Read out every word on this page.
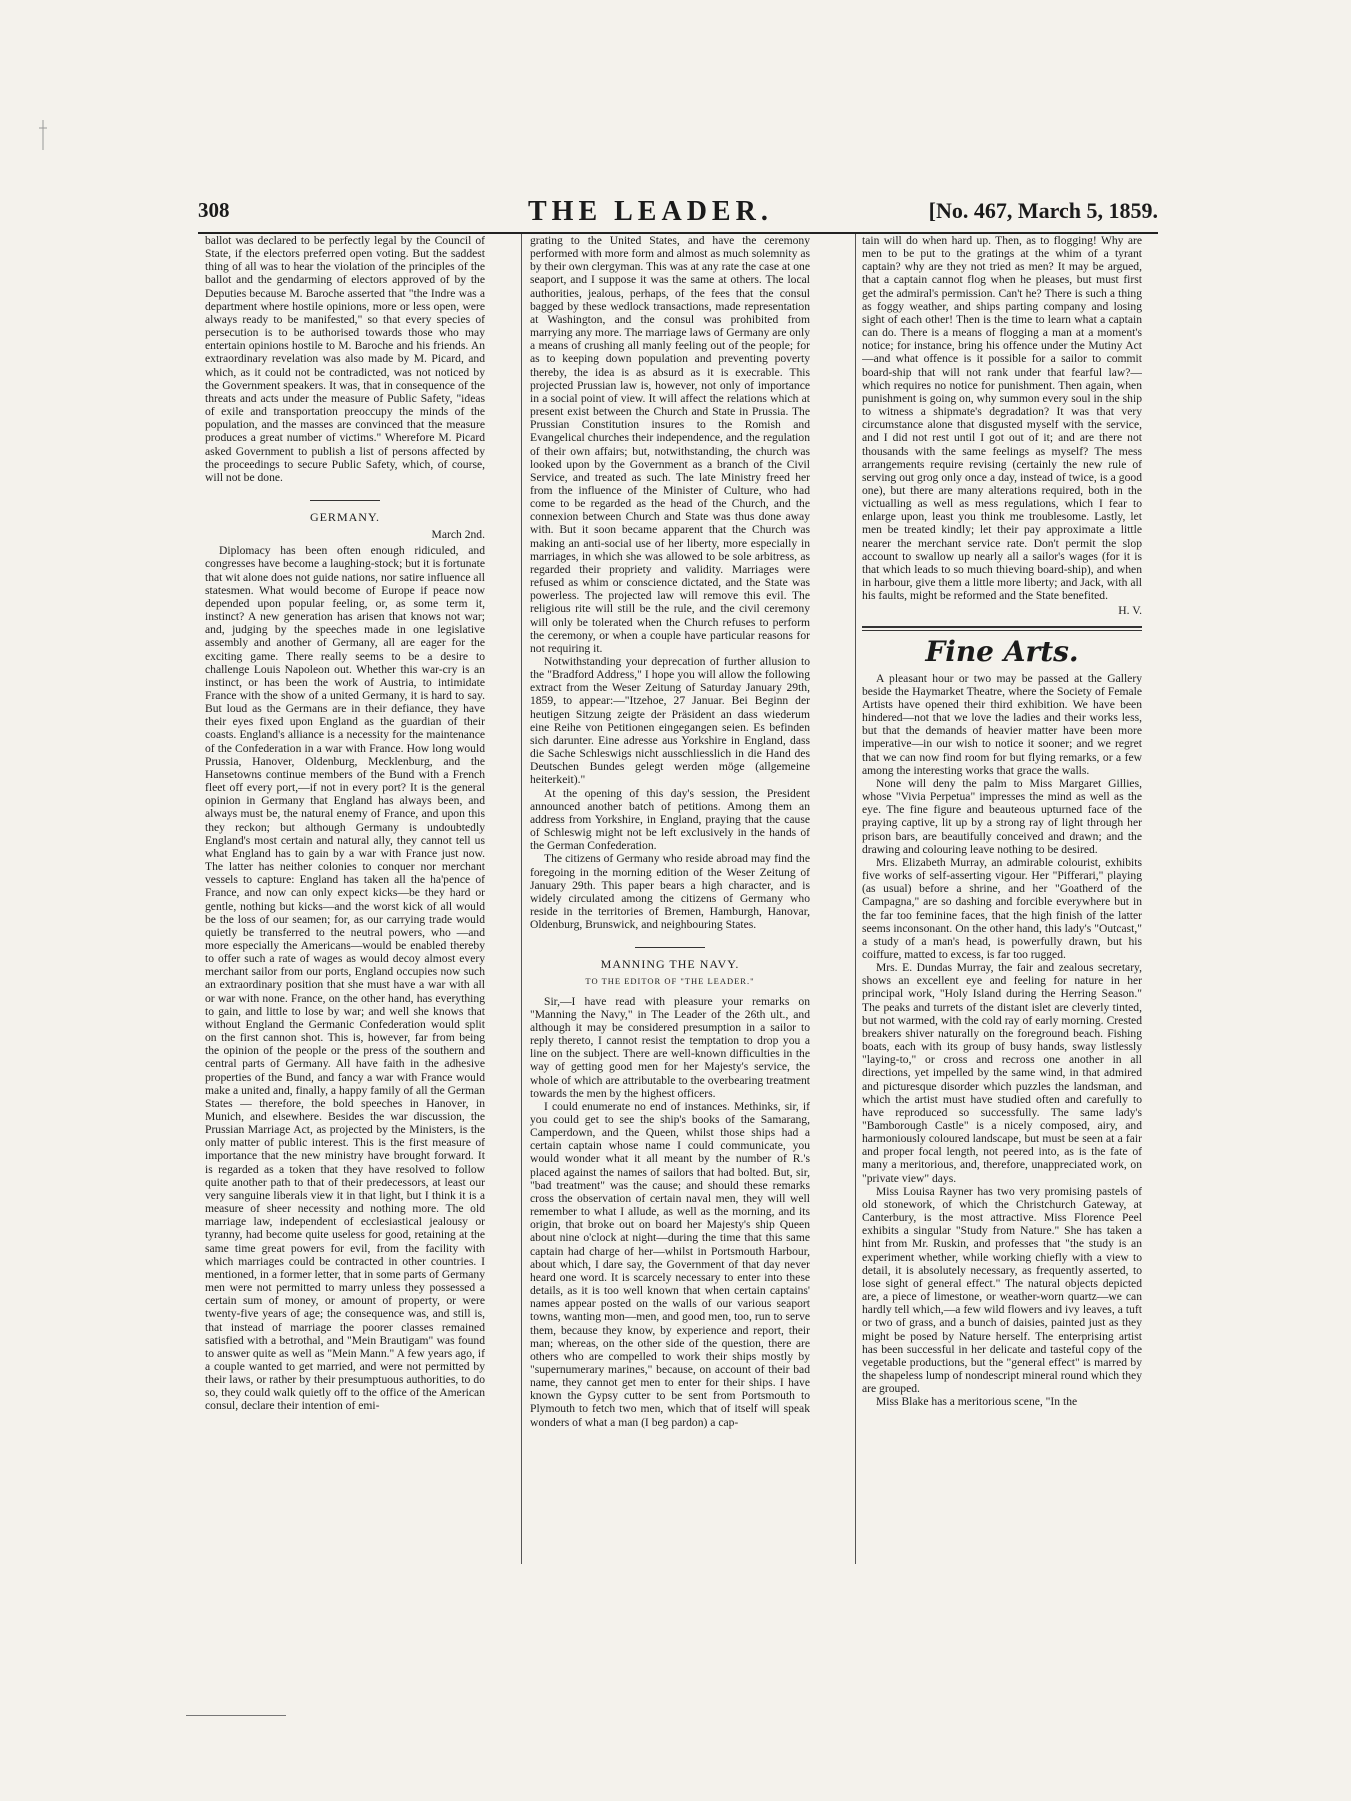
308	THE LEADER.	[No. 467, March 5, 1859.

ballot was declared to be perfectly legal by the Council of State, if the electors preferred open voting. But the saddest thing of all was to hear the violation of the principles of the ballot and the gendarming of electors approved of by the Deputies because M. Baroche asserted that "the Indre was a department where hostile opinions, more or less open, were always ready to be manifested," so that every species of persecution is to be authorised towards those who may entertain opinions hostile to M. Baroche and his friends. An extraordinary revelation was also made by M. Picard, and which, as it could not be contradicted, was not noticed by the Government speakers. It was, that in consequence of the threats and acts under the measure of Public Safety, "ideas of exile and transportation preoccupy the minds of the population, and the masses are convinced that the measure produces a great number of victims." Wherefore M. Picard asked Government to publish a list of persons affected by the proceedings to secure Public Safety, which, of course, will not be done.

GERMANY.
March 2nd.

Diplomacy has been often enough ridiculed, and congresses have become a laughing-stock; but it is fortunate that wit alone does not guide nations, nor satire influence all statesmen. What would become of Europe if peace now depended upon popular feeling, or, as some term it, instinct? A new generation has arisen that knows not war; and, judging by the speeches made in one legislative assembly and another of Germany, all are eager for the exciting game. There really seems to be a desire to challenge Louis Napoleon out. Whether this war-cry is an instinct, or has been the work of Austria, to intimidate France with the show of a united Germany, it is hard to say. But loud as the Germans are in their defiance, they have their eyes fixed upon England as the guardian of their coasts. England's alliance is a necessity for the maintenance of the Confederation in a war with France. How long would Prussia, Hanover, Oldenburg, Mecklenburg, and the Hansetowns continue members of the Bund with a French fleet off every port,—if not in every port? It is the general opinion in Germany that England has always been, and always must be, the natural enemy of France, and upon this they reckon; but although Germany is undoubtedly England's most certain and natural ally, they cannot tell us what England has to gain by a war with France just now. The latter has neither colonies to conquer nor merchant vessels to capture: England has taken all the ha'pence of France, and now can only expect kicks—be they hard or gentle, nothing but kicks—and the worst kick of all would be the loss of our seamen; for, as our carrying trade would quietly be transferred to the neutral powers, who —and more especially the Americans—would be enabled thereby to offer such a rate of wages as would decoy almost every merchant sailor from our ports, England occupies now such an extraordinary position that she must have a war with all or war with none. France, on the other hand, has everything to gain, and little to lose by war; and well she knows that without England the Germanic Confederation would split on the first cannon shot. This is, however, far from being the opinion of the people or the press of the southern and central parts of Germany. All have faith in the adhesive properties of the Bund, and fancy a war with France would make a united and, finally, a happy family of all the German States — therefore, the bold speeches in Hanover, in Munich, and elsewhere. Besides the war discussion, the Prussian Marriage Act, as projected by the Ministers, is the only matter of public interest. This is the first measure of importance that the new ministry have brought forward. It is regarded as a token that they have resolved to follow quite another path to that of their predecessors, at least our very sanguine liberals view it in that light, but I think it is a measure of sheer necessity and nothing more. The old marriage law, independent of ecclesiastical jealousy or tyranny, had become quite useless for good, retaining at the same time great powers for evil, from the facility with which marriages could be contracted in other countries. I mentioned, in a former letter, that in some parts of Germany men were not permitted to marry unless they possessed a certain sum of money, or amount of property, or were twenty-five years of age; the consequence was, and still is, that instead of marriage the poorer classes remained satisfied with a betrothal, and "Mein Brautigam" was found to answer quite as well as "Mein Mann." A few years ago, if a couple wanted to get married, and were not permitted by their laws, or rather by their presumptuous authorities, to do so, they could walk quietly off to the office of the American consul, declare their intention of emi-

grating to the United States, and have the ceremony performed with more form and almost as much solemnity as by their own clergyman. This was at any rate the case at one seaport, and I suppose it was the same at others. The local authorities, jealous, perhaps, of the fees that the consul bagged by these wedlock transactions, made representation at Washington, and the consul was prohibited from marrying any more. The marriage laws of Germany are only a means of crushing all manly feeling out of the people; for as to keeping down population and preventing poverty thereby, the idea is as absurd as it is execrable. This projected Prussian law is, however, not only of importance in a social point of view. It will affect the relations which at present exist between the Church and State in Prussia. The Prussian Constitution insures to the Romish and Evangelical churches their independence, and the regulation of their own affairs; but, notwithstanding, the church was looked upon by the Government as a branch of the Civil Service, and treated as such. The late Ministry freed her from the influence of the Minister of Culture, who had come to be regarded as the head of the Church, and the connexion between Church and State was thus done away with. But it soon became apparent that the Church was making an anti-social use of her liberty, more especially in marriages, in which she was allowed to be sole arbitress, as regarded their propriety and validity. Marriages were refused as whim or conscience dictated, and the State was powerless. The projected law will remove this evil. The religious rite will still be the rule, and the civil ceremony will only be tolerated when the Church refuses to perform the ceremony, or when a couple have particular reasons for not requiring it.

Notwithstanding your deprecation of further allusion to the "Bradford Address," I hope you will allow the following extract from the Weser Zeitung of Saturday January 29th, 1859, to appear:—"Itzehoe, 27 Januar. Bei Beginn der heutigen Sitzung zeigte der Präsident an dass wiederum eine Reihe von Petitionen eingegangen seien. Es befinden sich darunter. Eine adresse aus Yorkshire in England, dass die Sache Schleswigs nicht ausschliesslich in die Hand des Deutschen Bundes gelegt werden möge (allgemeine heiterkeit)."

At the opening of this day's session, the President announced another batch of petitions. Among them an address from Yorkshire, in England, praying that the cause of Schleswig might not be left exclusively in the hands of the German Confederation.

The citizens of Germany who reside abroad may find the foregoing in the morning edition of the Weser Zeitung of January 29th. This paper bears a high character, and is widely circulated among the citizens of Germany who reside in the territories of Bremen, Hamburgh, Hanovar, Oldenburg, Brunswick, and neighbouring States.

MANNING THE NAVY.
TO THE EDITOR OF "THE LEADER."

Sir,—I have read with pleasure your remarks on "Manning the Navy," in The Leader of the 26th ult., and although it may be considered presumption in a sailor to reply thereto, I cannot resist the temptation to drop you a line on the subject. There are well-known difficulties in the way of getting good men for her Majesty's service, the whole of which are attributable to the overbearing treatment towards the men by the highest officers.

I could enumerate no end of instances. Methinks, sir, if you could get to see the ship's books of the Samarang, Camperdown, and the Queen, whilst those ships had a certain captain whose name I could communicate, you would wonder what it all meant by the number of R.'s placed against the names of sailors that had bolted. But, sir, "bad treatment" was the cause; and should these remarks cross the observation of certain naval men, they will well remember to what I allude, as well as the morning, and its origin, that broke out on board her Majesty's ship Queen about nine o'clock at night—during the time that this same captain had charge of her—whilst in Portsmouth Harbour, about which, I dare say, the Government of that day never heard one word. It is scarcely necessary to enter into these details, as it is too well known that when certain captains' names appear posted on the walls of our various seaport towns, wanting mon—men, and good men, too, run to serve them, because they know, by experience and report, their man; whereas, on the other side of the question, there are others who are compelled to work their ships mostly by "supernumerary marines," because, on account of their bad name, they cannot get men to enter for their ships. I have known the Gypsy cutter to be sent from Portsmouth to Plymouth to fetch two men, which that of itself will speak wonders of what a man (I beg pardon) a cap-

tain will do when hard up. Then, as to flogging! Why are men to be put to the gratings at the whim of a tyrant captain? why are they not tried as men? It may be argued, that a captain cannot flog when he pleases, but must first get the admiral's permission. Can't he? There is such a thing as foggy weather, and ships parting company and losing sight of each other! Then is the time to learn what a captain can do. There is a means of flogging a man at a moment's notice; for instance, bring his offence under the Mutiny Act—and what offence is it possible for a sailor to commit board-ship that will not rank under that fearful law?—which requires no notice for punishment. Then again, when punishment is going on, why summon every soul in the ship to witness a shipmate's degradation? It was that very circumstance alone that disgusted myself with the service, and I did not rest until I got out of it; and are there not thousands with the same feelings as myself? The mess arrangements require revising (certainly the new rule of serving out grog only once a day, instead of twice, is a good one), but there are many alterations required, both in the victualling as well as mess regulations, which I fear to enlarge upon, least you think me troublesome. Lastly, let men be treated kindly; let their pay approximate a little nearer the merchant service rate. Don't permit the slop account to swallow up nearly all a sailor's wages (for it is that which leads to so much thieving board-ship), and when in harbour, give them a little more liberty; and Jack, with all his faults, might be reformed and the State benefited.

H. V.
Fine Arts.

A pleasant hour or two may be passed at the Gallery beside the Haymarket Theatre, where the Society of Female Artists have opened their third exhibition. We have been hindered—not that we love the ladies and their works less, but that the demands of heavier matter have been more imperative—in our wish to notice it sooner; and we regret that we can now find room for but flying remarks, or a few among the interesting works that grace the walls.

None will deny the palm to Miss Margaret Gillies, whose "Vivia Perpetua" impresses the mind as well as the eye. The fine figure and beauteous upturned face of the praying captive, lit up by a strong ray of light through her prison bars, are beautifully conceived and drawn; and the drawing and colouring leave nothing to be desired.

Mrs. Elizabeth Murray, an admirable colourist, exhibits five works of self-asserting vigour. Her "Pifferari," playing (as usual) before a shrine, and her "Goatherd of the Campagna," are so dashing and forcible everywhere but in the far too feminine faces, that the high finish of the latter seems inconsonant. On the other hand, this lady's "Outcast," a study of a man's head, is powerfully drawn, but his coiffure, matted to excess, is far too rugged.

Mrs. E. Dundas Murray, the fair and zealous secretary, shows an excellent eye and feeling for nature in her principal work, "Holy Island during the Herring Season." The peaks and turrets of the distant islet are cleverly tinted, but not warmed, with the cold ray of early morning. Crested breakers shiver naturally on the foreground beach. Fishing boats, each with its group of busy hands, sway listlessly "laying-to," or cross and recross one another in all directions, yet impelled by the same wind, in that admired and picturesque disorder which puzzles the landsman, and which the artist must have studied often and carefully to have reproduced so successfully. The same lady's "Bamborough Castle" is a nicely composed, airy, and harmoniously coloured landscape, but must be seen at a fair and proper focal length, not peered into, as is the fate of many a meritorious, and, therefore, unappreciated work, on "private view" days.

Miss Louisa Rayner has two very promising pastels of old stonework, of which the Christchurch Gateway, at Canterbury, is the most attractive. Miss Florence Peel exhibits a singular "Study from Nature." She has taken a hint from Mr. Ruskin, and professes that "the study is an experiment whether, while working chiefly with a view to detail, it is absolutely necessary, as frequently asserted, to lose sight of general effect." The natural objects depicted are, a piece of limestone, or weather-worn quartz—we can hardly tell which,—a few wild flowers and ivy leaves, a tuft or two of grass, and a bunch of daisies, painted just as they might be posed by Nature herself. The enterprising artist has been successful in her delicate and tasteful copy of the vegetable productions, but the "general effect" is marred by the shapeless lump of nondescript mineral round which they are grouped.

Miss Blake has a meritorious scene, "In the
